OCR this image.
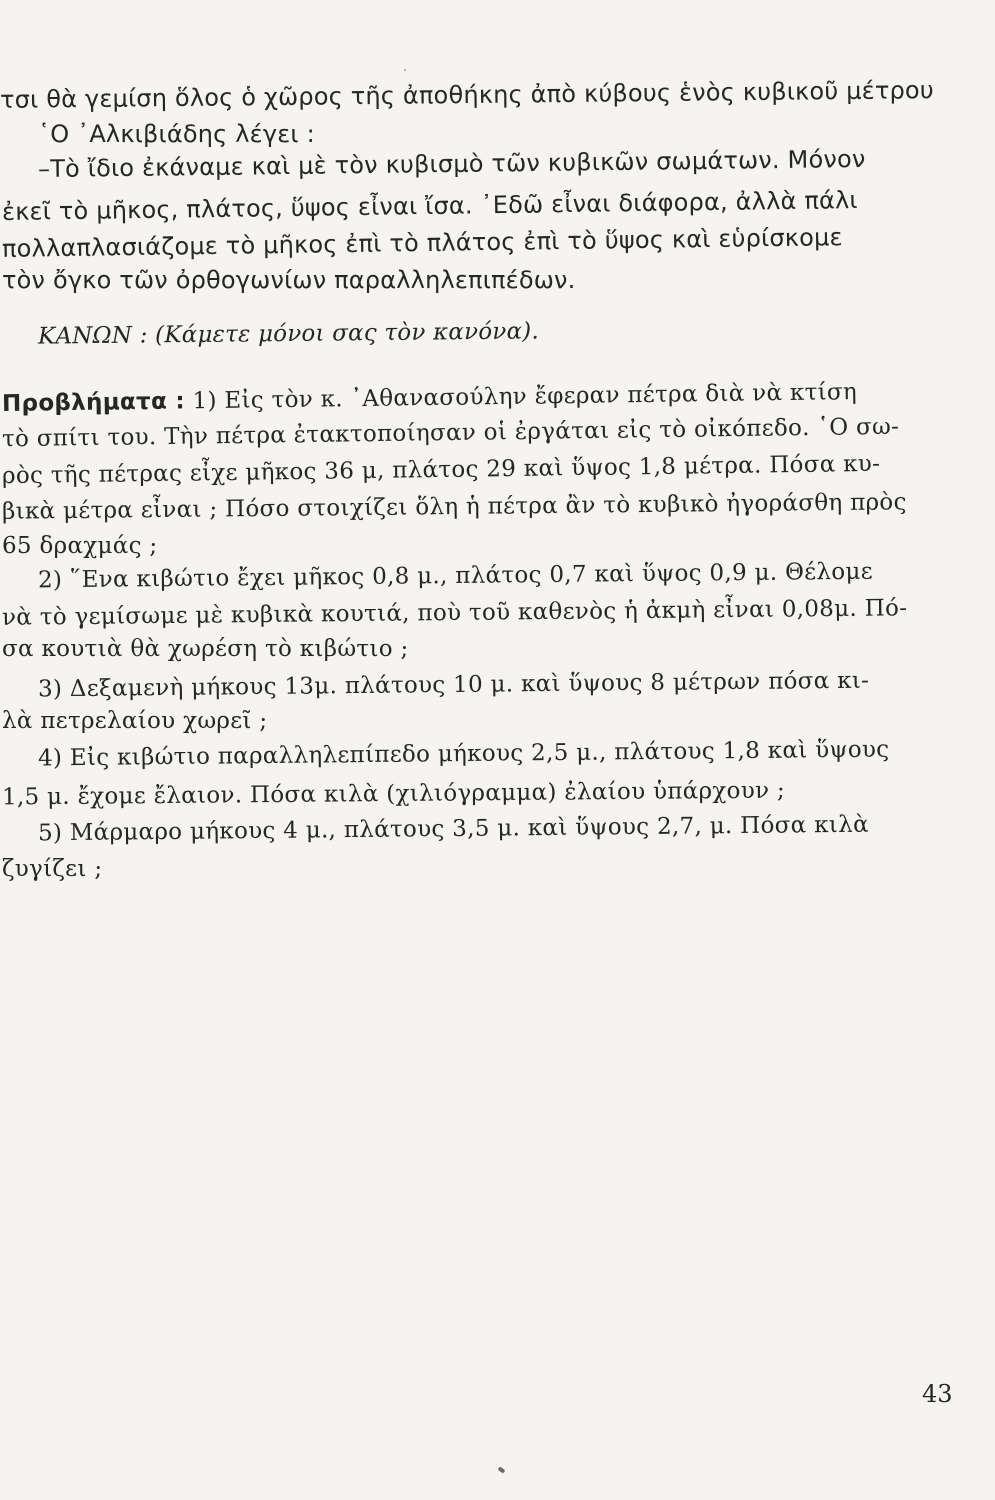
τσι θὰ γεμίση ὅλος ὁ χῶρος τῆς ἀποθήκης ἀπὸ κύβους ἑνὸς κυβικοῦ μέτρου
῾Ο ᾿Αλκιβιάδης λέγει :
–Τὸ ἴδιο ἐκάναμε καὶ μὲ τὸν κυβισμὸ τῶν κυβικῶν σωμάτων. Μόνον
ἐκεῖ τὸ μῆκος, πλάτος, ὕψος εἶναι ἴσα. ᾿Εδῶ εἶναι διάφορα, ἀλλὰ πάλι
πολλαπλασιάζομε τὸ μῆκος ἐπὶ τὸ πλάτος ἐπὶ τὸ ὕψος καὶ εὑρίσκομε
τὸν ὄγκο τῶν ὀρθογωνίων παραλληλεπιπέδων.
ΚΑΝΩΝ : (Κάμετε μόνοι σας τὸν κανόνα).
Προβλήματα : 1) Εἰς τὸν κ. ᾿Αθανασούλην ἔφεραν πέτρα διὰ νὰ κτίση
τὸ σπίτι του. Τὴν πέτρα ἐτακτοποίησαν οἱ ἐργάται εἰς τὸ οἰκόπεδο. ῾Ο σω-
ρὸς τῆς πέτρας εἶχε μῆκος 36 μ, πλάτος 29 καὶ ὕψος 1,8 μέτρα. Πόσα κυ-
βικὰ μέτρα εἶναι ; Πόσο στοιχίζει ὅλη ἡ πέτρα ἂν τὸ κυβικὸ ἠγοράσθη πρὸς
65 δραχμάς ;
2) ῞Ενα κιβώτιο ἔχει μῆκος 0,8 μ., πλάτος 0,7 καὶ ὕψος 0,9 μ. Θέλομε
νὰ τὸ γεμίσωμε μὲ κυβικὰ κουτιά, ποὺ τοῦ καθενὸς ἡ ἀκμὴ εἶναι 0,08μ. Πό-
σα κουτιὰ θὰ χωρέση τὸ κιβώτιο ;
3) Δεξαμενὴ μήκους 13μ. πλάτους 10 μ. καὶ ὕψους 8 μέτρων πόσα κι-
λὰ πετρελαίου χωρεῖ ;
4) Εἰς κιβώτιο παραλληλεπίπεδο μήκους 2,5 μ., πλάτους 1,8 καὶ ὕψους
1,5 μ. ἔχομε ἔλαιον. Πόσα κιλὰ (χιλιόγραμμα) ἐλαίου ὑπάρχουν ;
5) Μάρμαρο μήκους 4 μ., πλάτους 3,5 μ. καὶ ὕψους 2,7, μ. Πόσα κιλὰ
ζυγίζει ;
43
